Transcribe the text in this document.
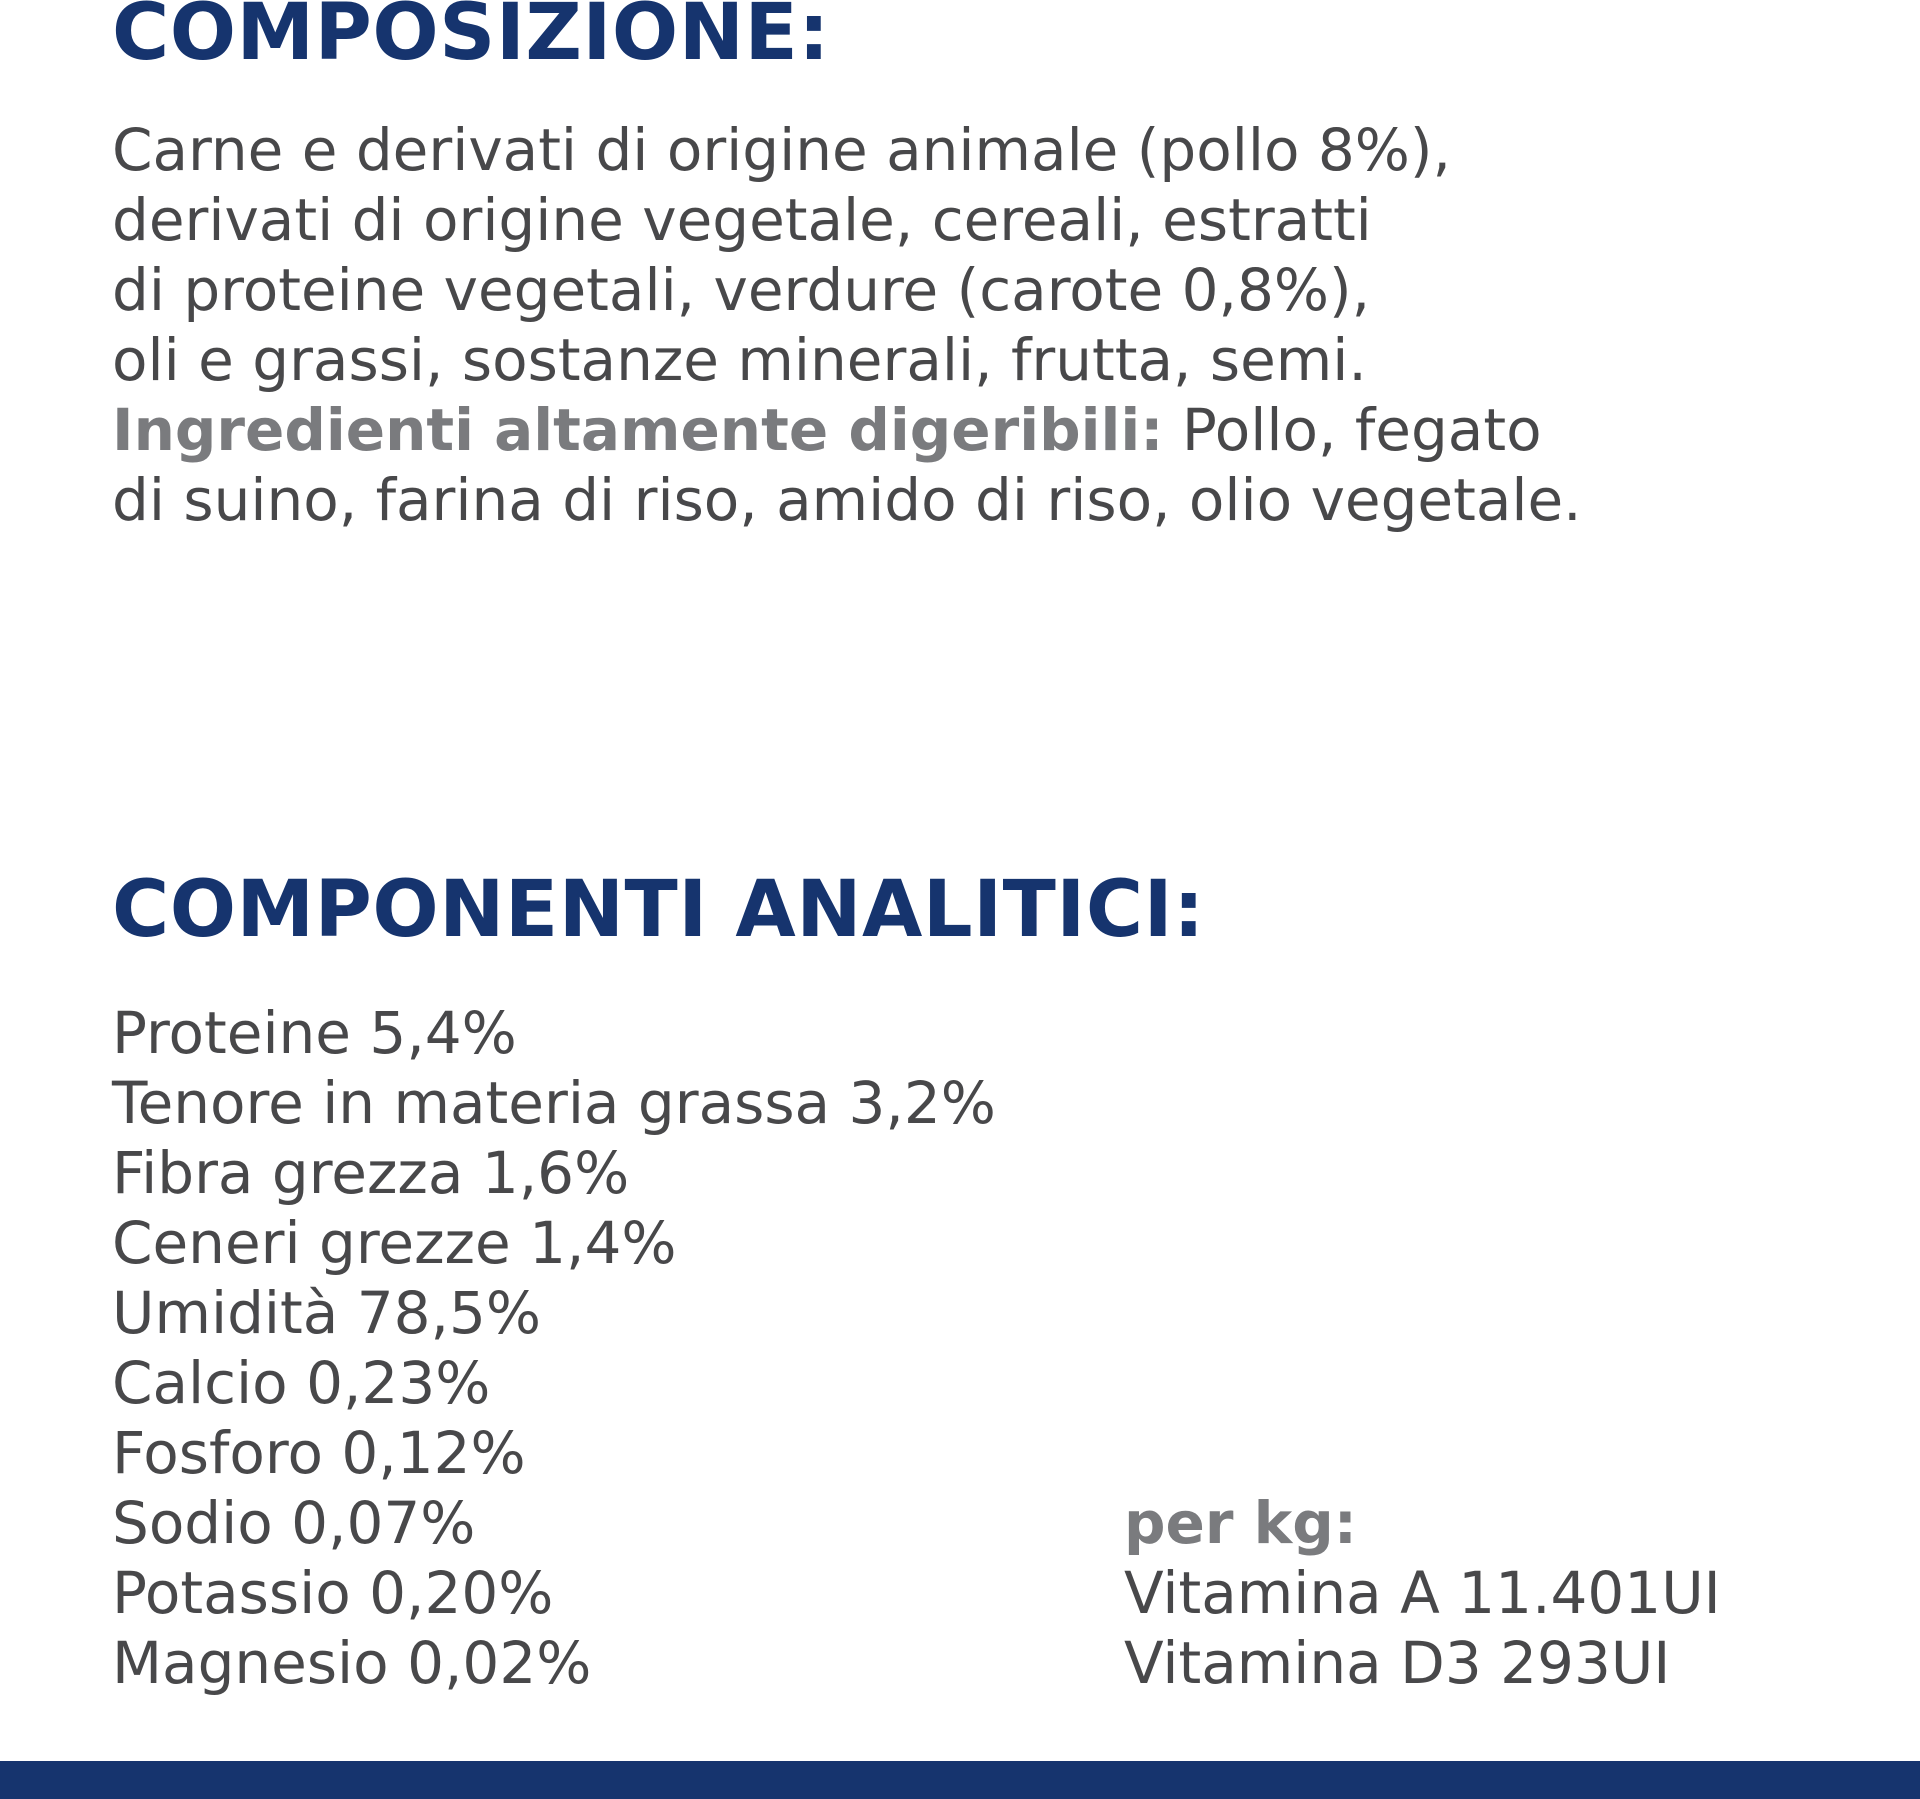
COMPOSIZIONE:
Carne e derivati di origine animale (pollo 8%),
derivati di origine vegetale, cereali, estratti
di proteine vegetali, verdure (carote 0,8%),
oli e grassi, sostanze minerali, frutta, semi.
Ingredienti altamente digeribili: Pollo, fegato
di suino, farina di riso, amido di riso, olio vegetale.
COMPONENTI ANALITICI:
Proteine 5,4%
Tenore in materia grassa 3,2%
Fibra grezza 1,6%
Ceneri grezze 1,4%
Umidità 78,5%
Calcio 0,23%
Fosforo 0,12%
Sodio 0,07%
Potassio 0,20%
Magnesio 0,02%
per kg:
Vitamina A 11.401UI
Vitamina D3 293UI
